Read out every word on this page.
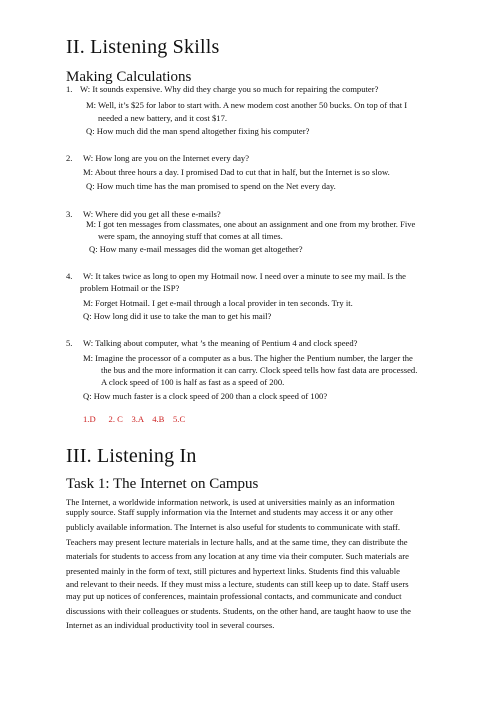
II. Listening Skills
Making Calculations
1. W: It sounds expensive. Why did they charge you so much for repairing the computer?
M: Well, it’s $25 for labor to start with. A new modem cost another 50 bucks. On top of that I
needed a new battery, and it cost $17.
Q: How much did the man spend altogether fixing his computer?
2. W: How long are you on the Internet every day?
M: About three hours a day. I promised Dad to cut that in half, but the Internet is so slow.
Q: How much time has the man promised to spend on the Net every day.
3. W: Where did you get all these e-mails?
M: I got ten messages from classmates, one about an assignment and one from my brother. Five
were spam, the annoying stuff that comes at all times.
Q: How many e-mail messages did the woman get altogether?
4. W: It takes twice as long to open my Hotmail now. I need over a minute to see my mail. Is the
problem Hotmail or the ISP?
M: Forget Hotmail. I get e-mail through a local provider in ten seconds. Try it.
Q: How long did it use to take the man to get his mail?
5. W: Talking about computer, what ’s the meaning of Pentium 4 and clock speed?
M: Imagine the processor of a computer as a bus. The higher the Pentium number, the larger the
the bus and the more information it can carry. Clock speed tells how fast data are processed.
A clock speed of 100 is half as fast as a speed of 200.
Q: How much faster is a clock speed of 200 than a clock speed of 100?
1.D      2. C    3.A    4.B    5.C
III. Listening In
Task 1: The Internet on Campus
The Internet, a worldwide information network, is used at universities mainly as an information
supply source. Staff supply information via the Internet and students may access it or any other
publicly available information. The Internet is also useful for students to communicate with staff.
Teachers may present lecture materials in lecture halls, and at the same time, they can distribute the
materials for students to access from any location at any time via their computer. Such materials are
presented mainly in the form of text, still pictures and hypertext links. Students find this valuable
and relevant to their needs. If they must miss a lecture, students can still keep up to date. Staff users
may put up notices of conferences, maintain professional contacts, and communicate and conduct
discussions with their colleagues or students. Students, on the other hand, are taught haow to use the
Internet as an individual productivity tool in several courses.
